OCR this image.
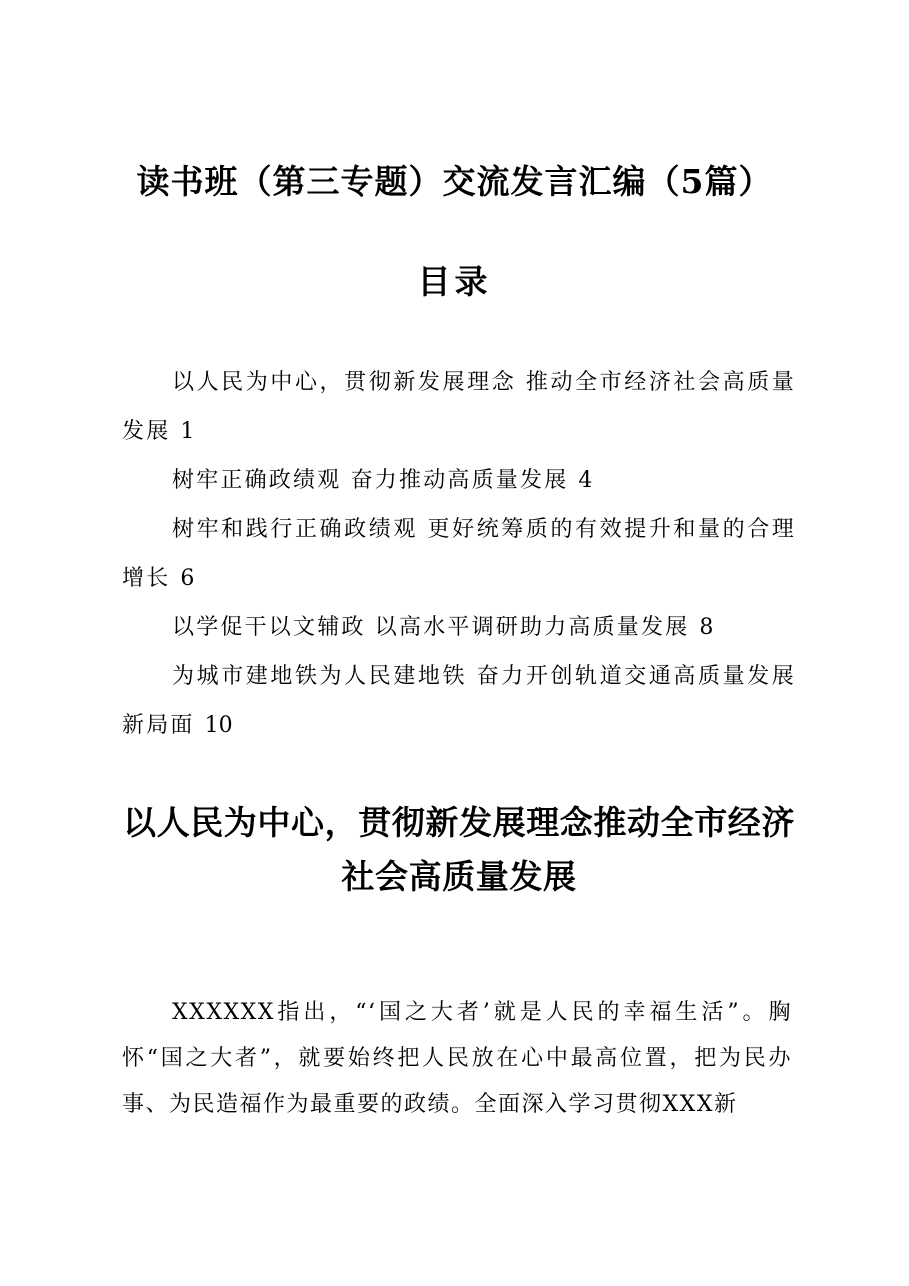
读书班（第三专题）交流发言汇编（5篇）
目录
以人民为中心，贯彻新发展理念 推动全市经济社会高质量发展 1
树牢正确政绩观 奋力推动高质量发展 4
树牢和践行正确政绩观 更好统筹质的有效提升和量的合理增长 6
以学促干以文辅政 以高水平调研助力高质量发展 8
为城市建地铁为人民建地铁 奋力开创轨道交通高质量发展新局面 10
以人民为中心，贯彻新发展理念推动全市经济社会高质量发展

XXXXXX指出，“‘国之大者’就是人民的幸福生活”。胸怀“国之大者”，就要始终把人民放在心中最高位置，把为民办事、为民造福作为最重要的政绩。全面深入学习贯彻XXX新
